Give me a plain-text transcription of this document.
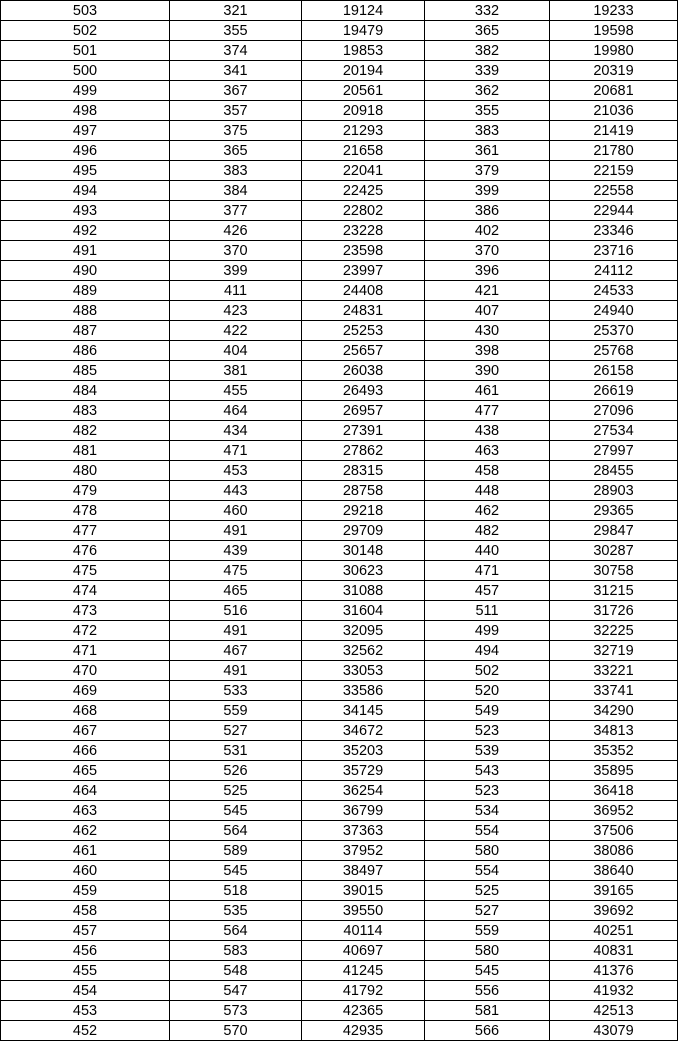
503	321	19124	332	19233
502	355	19479	365	19598
501	374	19853	382	19980
500	341	20194	339	20319
499	367	20561	362	20681
498	357	20918	355	21036
497	375	21293	383	21419
496	365	21658	361	21780
495	383	22041	379	22159
494	384	22425	399	22558
493	377	22802	386	22944
492	426	23228	402	23346
491	370	23598	370	23716
490	399	23997	396	24112
489	411	24408	421	24533
488	423	24831	407	24940
487	422	25253	430	25370
486	404	25657	398	25768
485	381	26038	390	26158
484	455	26493	461	26619
483	464	26957	477	27096
482	434	27391	438	27534
481	471	27862	463	27997
480	453	28315	458	28455
479	443	28758	448	28903
478	460	29218	462	29365
477	491	29709	482	29847
476	439	30148	440	30287
475	475	30623	471	30758
474	465	31088	457	31215
473	516	31604	511	31726
472	491	32095	499	32225
471	467	32562	494	32719
470	491	33053	502	33221
469	533	33586	520	33741
468	559	34145	549	34290
467	527	34672	523	34813
466	531	35203	539	35352
465	526	35729	543	35895
464	525	36254	523	36418
463	545	36799	534	36952
462	564	37363	554	37506
461	589	37952	580	38086
460	545	38497	554	38640
459	518	39015	525	39165
458	535	39550	527	39692
457	564	40114	559	40251
456	583	40697	580	40831
455	548	41245	545	41376
454	547	41792	556	41932
453	573	42365	581	42513
452	570	42935	566	43079
